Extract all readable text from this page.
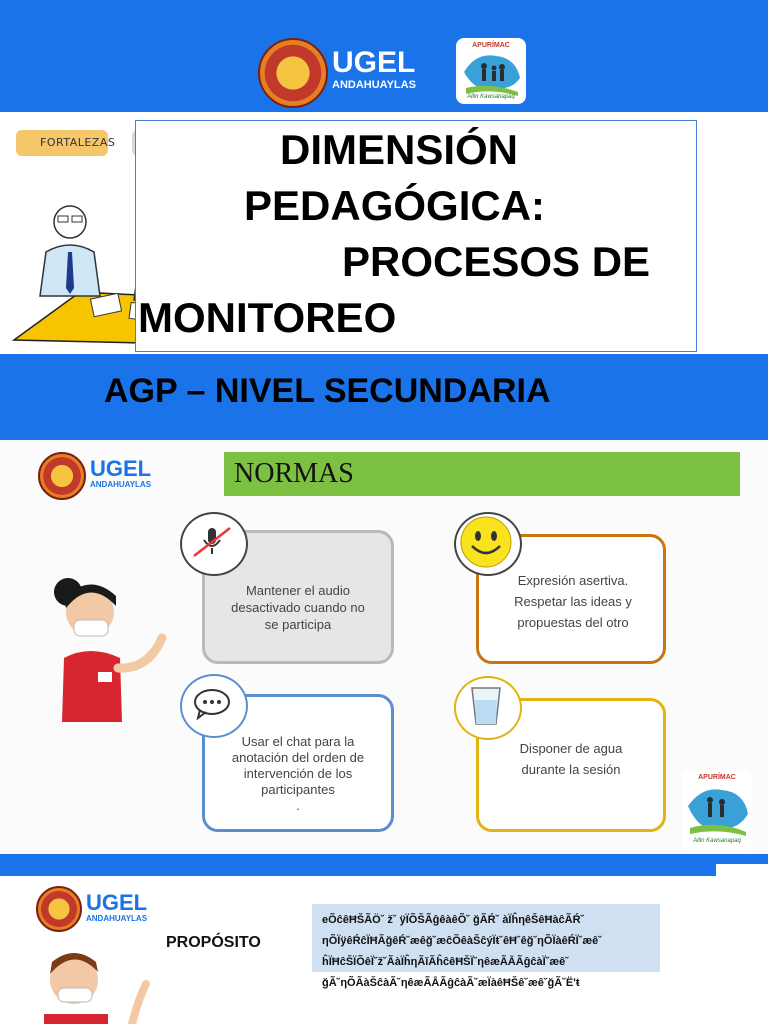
UGEL
ANDAHUAYLAS
APURÍMAC
Allin Kawsanapaq
FORTALEZAS	DIMENSIÓN
PEDAGÓGICA:
PROCESOS DE
MONITOREO
AGP – NIVEL SECUNDARIA
UGEL
ANDAHUAYLAS	NORMAS
Mantener el audio
desactivado cuando no
se participa
Expresión asertiva.
Respetar las ideas y
propuestas del otro
Usar el chat para la
anotación del orden de
intervención de los
participantes
.
Disponer de agua
durante la sesión
APURÍMAC
Allin Kawsanapaq
UGEL
ANDAHUAYLAS
PROPÓSITO
eÕĉêĦŠÃÖ˘ ž˘ ÿÏÕŠÃĝêàêÕ˘ ğÃŔ˘ àÏĥηêŠêĦàĉÃŔ˘
ηÕÏÿêŔĉÏĦÃğêŔ˘æêğ˘æĉÕêàŠĉýÏŧ˘êĦ˘êğ˘ηÕÏàêŔÏ˘æê˘
ĥÏĦĉŠÏÕêÏ˘ž˘ÃàÏĥηÃĭÃĥĉêĦŠÏ˘ηêæÃĀÃĝĉàÏ˘æê˘
ğÃ˘ηÕÃàŠĉàÃ˘ηêæÃĀÃĝĉàÃ˘æÏàêĦŠê˘æê˘ğÃ˘Ë'ŧ
